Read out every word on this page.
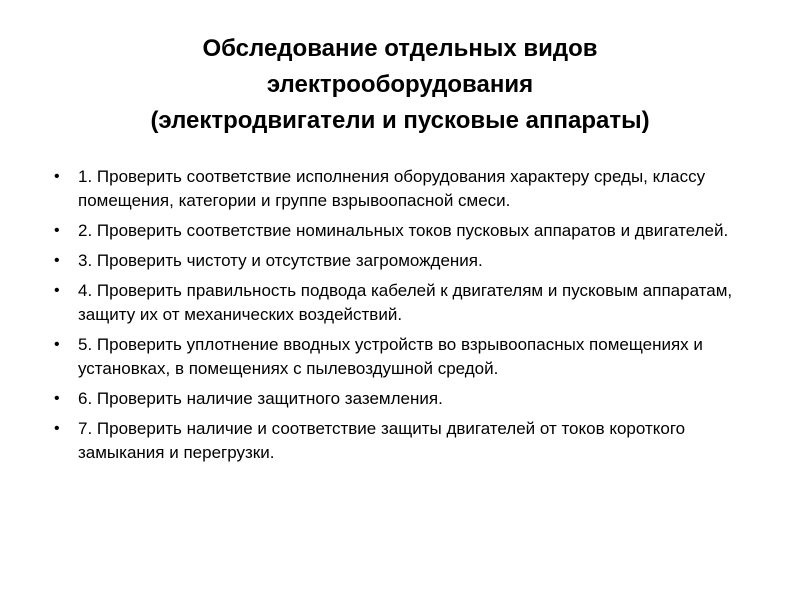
Обследование отдельных видов
электрооборудования
(электродвигатели и пусковые аппараты)
•	1. Проверить соответствие исполнения оборудования характеру среды, классу помещения, категории и группе взрывоопасной смеси.
•	2. Проверить соответствие номинальных токов пусковых аппаратов и двигателей.
•	3. Проверить чистоту и отсутствие загромождения.
•	4. Проверить правильность подвода кабелей к двигателям и пусковым аппаратам, защиту их от механических воздействий.
•	5. Проверить уплотнение вводных устройств во взрывоопасных помещениях и установках, в помещениях с пылевоздушной средой.
•	6. Проверить наличие защитного заземления.
•	7. Проверить наличие и соответствие защиты двигателей от токов короткого замыкания и перегрузки.
